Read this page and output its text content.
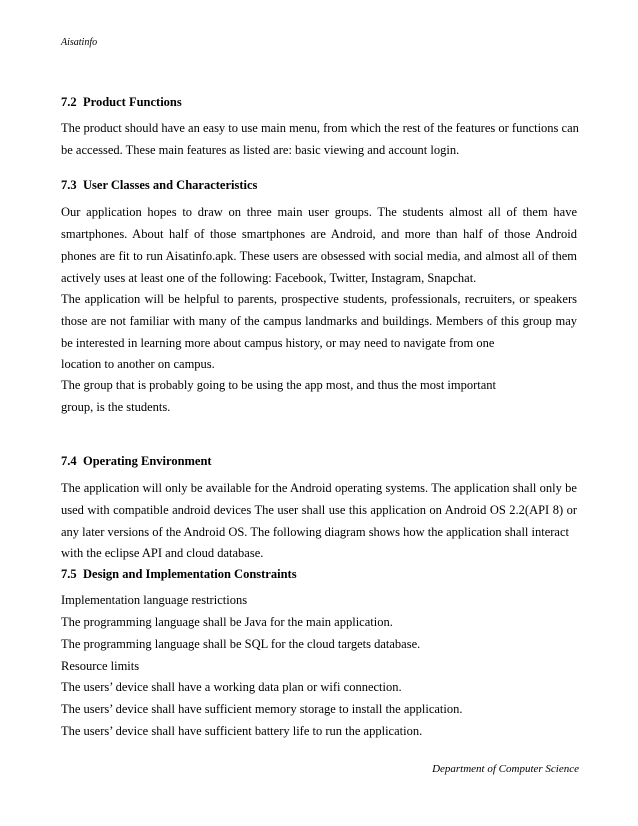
Aisatinfo
7.2 Product Functions
The product should have an easy to use main menu, from which the rest of the features or functions can
be accessed. These main features as listed are: basic viewing and account login.
7.3 User Classes and Characteristics
Our application hopes to draw on three main user groups. The students almost all of them have
smartphones. About half of those smartphones are Android, and more than half of those Android
phones are fit to run Aisatinfo.apk. These users are obsessed with social media, and almost all of them
actively uses at least one of the following: Facebook, Twitter, Instagram, Snapchat.
The application will be helpful to parents, prospective students, professionals, recruiters, or speakers
those are not familiar with many of the campus landmarks and buildings. Members of this group may
be interested in learning more about campus history, or may need to navigate from one
location to another on campus.
The group that is probably going to be using the app most, and thus the most important
group, is the students.
7.4 Operating Environment
The application will only be available for the Android operating systems. The application shall only be
used with compatible android devices The user shall use this application on Android OS 2.2(API 8) or
any later versions of the Android OS. The following diagram shows how the application shall interact
with the eclipse API and cloud database.
7.5 Design and Implementation Constraints
Implementation language restrictions
The programming language shall be Java for the main application.
The programming language shall be SQL for the cloud targets database.
Resource limits
The users’ device shall have a working data plan or wifi connection.
The users’ device shall have sufficient memory storage to install the application.
The users’ device shall have sufficient battery life to run the application.
Department of Computer Science
